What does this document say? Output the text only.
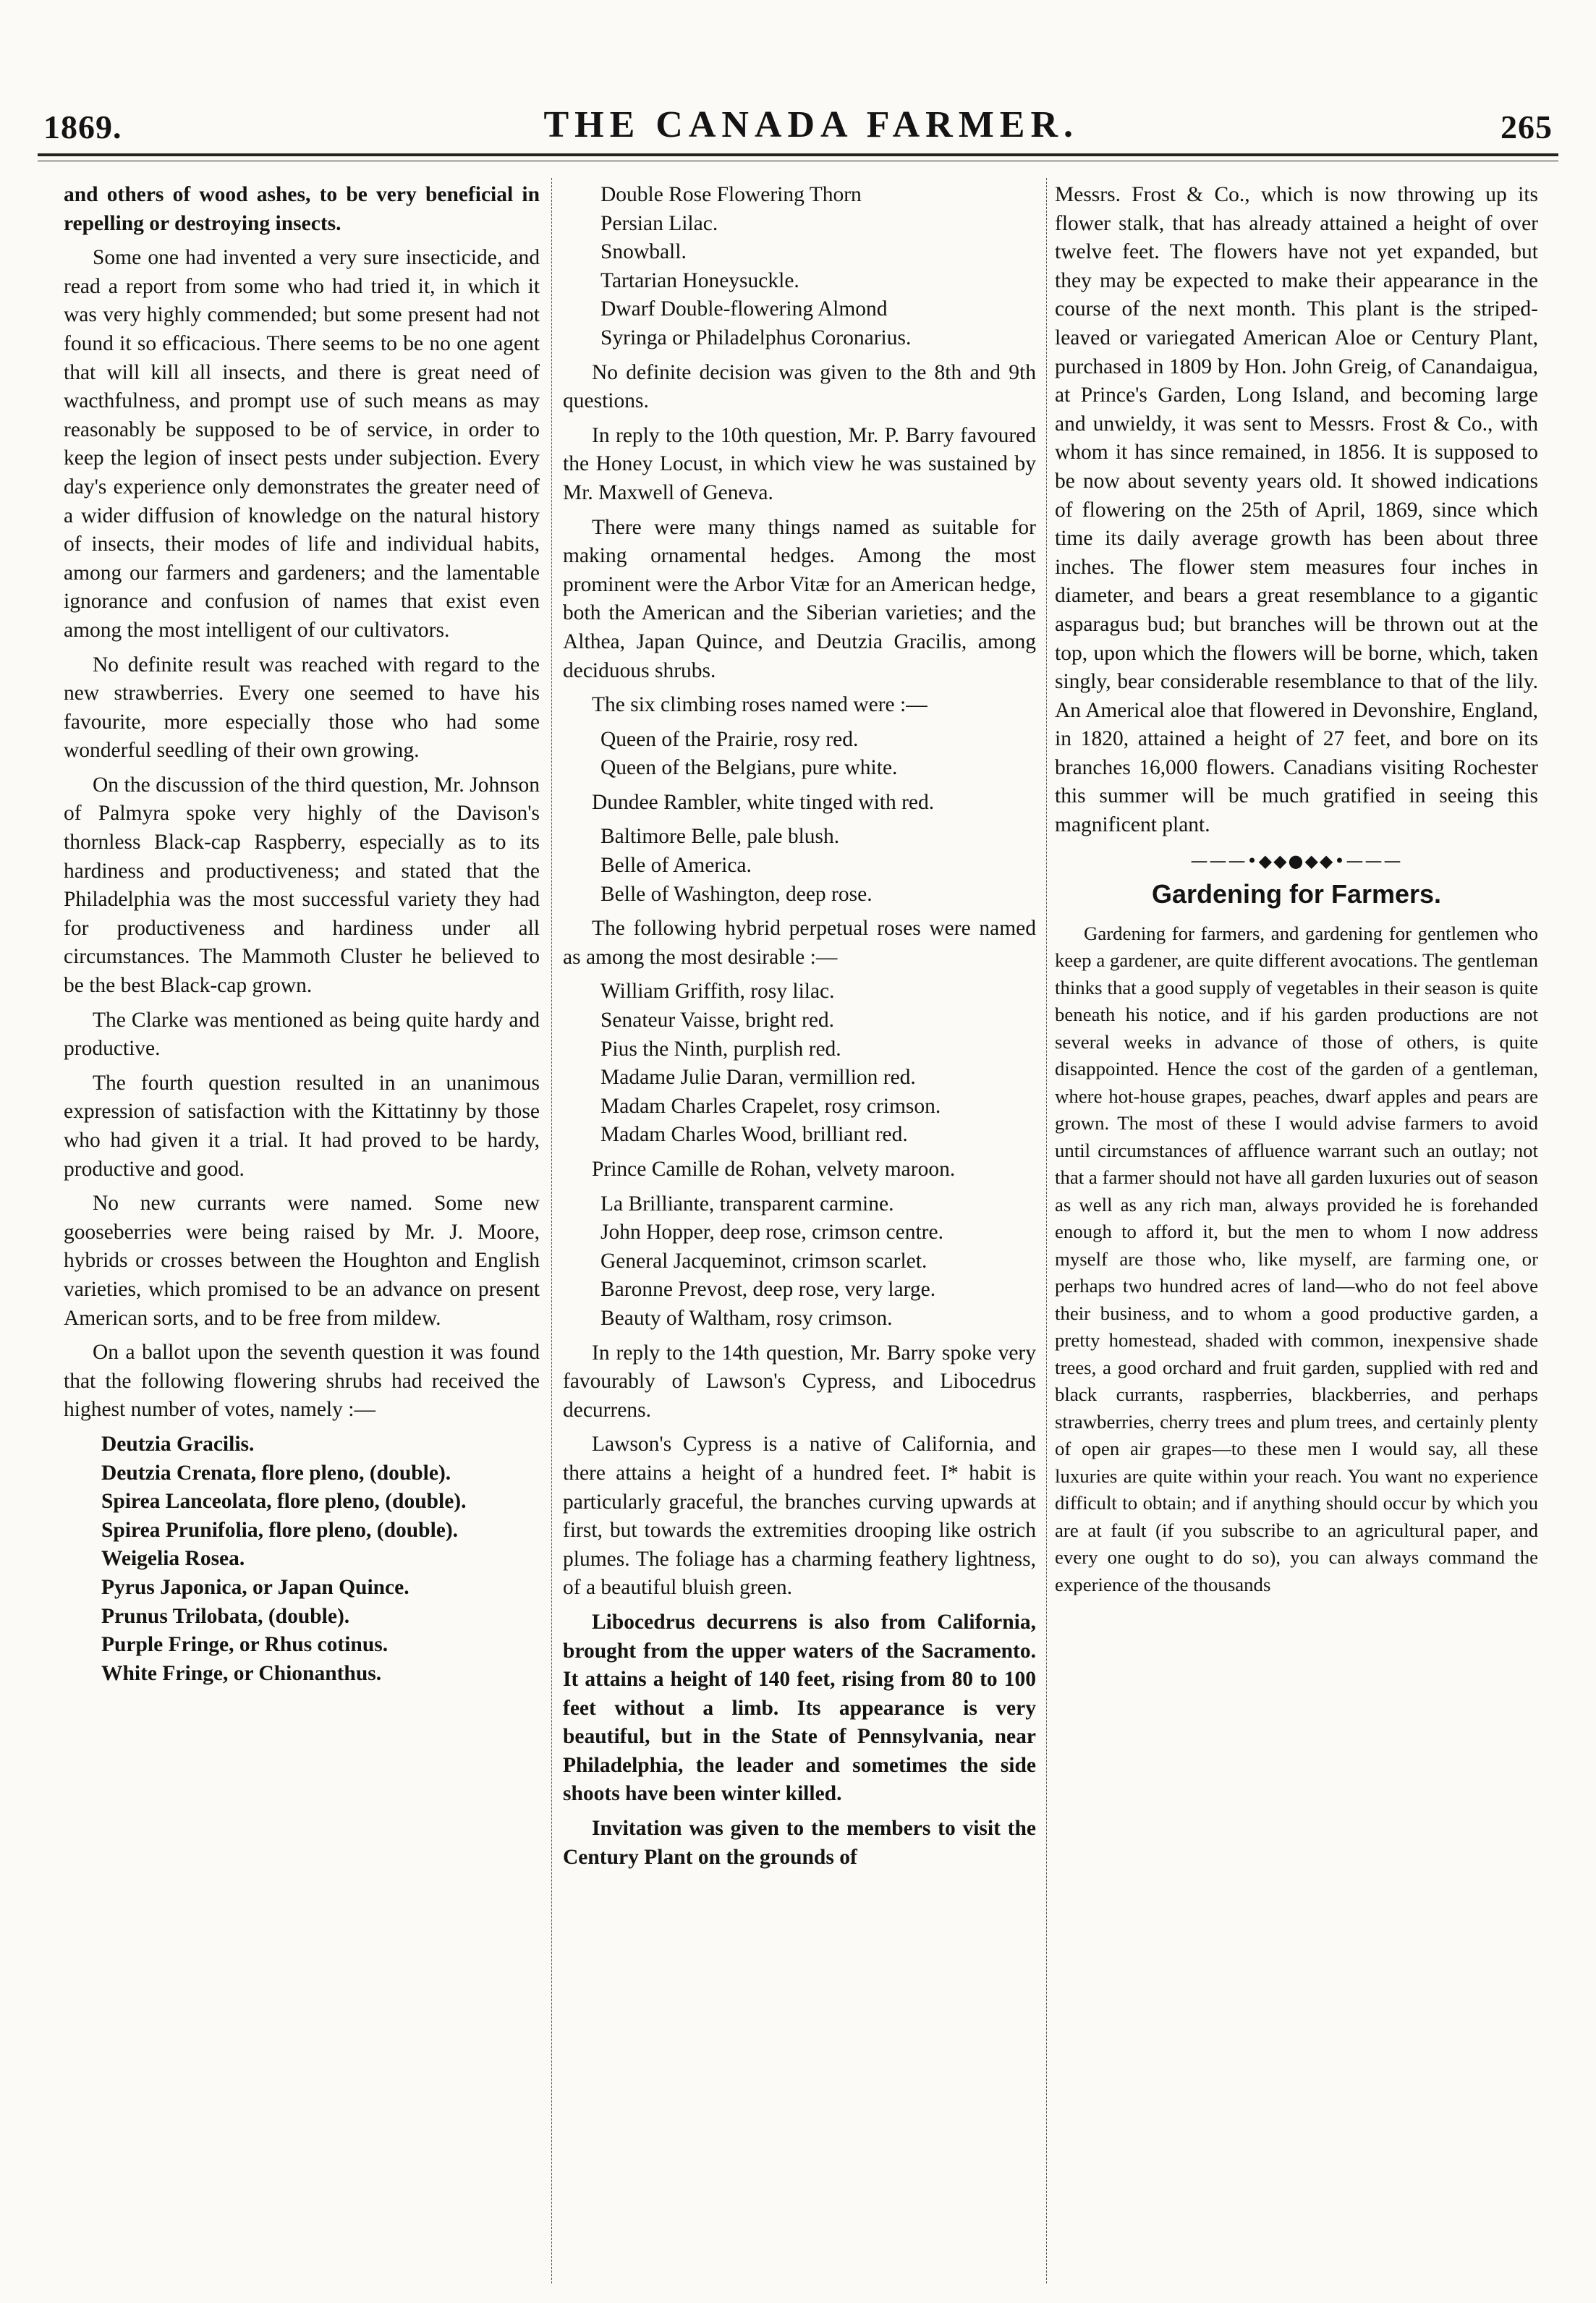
1869.	THE CANADA FARMER.	265

and others of wood ashes, to be very beneficial in repelling or destroying insects.

Some one had invented a very sure insecticide, and read a report from some who had tried it, in which it was very highly commended; but some present had not found it so efficacious. There seems to be no one agent that will kill all insects, and there is great need of wacthfulness, and prompt use of such means as may reasonably be supposed to be of service, in order to keep the legion of insect pests under subjection. Every day's experience only demonstrates the greater need of a wider diffusion of knowledge on the natural history of insects, their modes of life and individual habits, among our farmers and gardeners; and the lamentable ignorance and confusion of names that exist even among the most intelligent of our cultivators.

No definite result was reached with regard to the new strawberries. Every one seemed to have his favourite, more especially those who had some wonderful seedling of their own growing.

On the discussion of the third question, Mr. Johnson of Palmyra spoke very highly of the Davison's thornless Black-cap Raspberry, especially as to its hardiness and productiveness; and stated that the Philadelphia was the most successful variety they had for productiveness and hardiness under all circumstances. The Mammoth Cluster he believed to be the best Black-cap grown.

The Clarke was mentioned as being quite hardy and productive.

The fourth question resulted in an unanimous expression of satisfaction with the Kittatinny by those who had given it a trial. It had proved to be hardy, productive and good.

No new currants were named. Some new gooseberries were being raised by Mr. J. Moore, hybrids or crosses between the Houghton and English varieties, which promised to be an advance on present American sorts, and to be free from mildew.

On a ballot upon the seventh question it was found that the following flowering shrubs had received the highest number of votes, namely :—

Deutzia Gracilis.
Deutzia Crenata, flore pleno, (double).
Spirea Lanceolata, flore pleno, (double).
Spirea Prunifolia, flore pleno, (double).
Weigelia Rosea.
Pyrus Japonica, or Japan Quince.
Prunus Trilobata, (double).
Purple Fringe, or Rhus cotinus.
White Fringe, or Chionanthus.
Double Rose Flowering Thorn
Persian Lilac.
Snowball.
Tartarian Honeysuckle.
Dwarf Double-flowering Almond
Syringa or Philadelphus Coronarius.

No definite decision was given to the 8th and 9th questions.

In reply to the 10th question, Mr. P. Barry favoured the Honey Locust, in which view he was sustained by Mr. Maxwell of Geneva.

There were many things named as suitable for making ornamental hedges. Among the most prominent were the Arbor Vitæ for an American hedge, both the American and the Siberian varieties; and the Althea, Japan Quince, and Deutzia Gracilis, among deciduous shrubs.

The six climbing roses named were :—

Queen of the Prairie, rosy red.
Queen of the Belgians, pure white.

Dundee Rambler, white tinged with red.

Baltimore Belle, pale blush.
Belle of America.
Belle of Washington, deep rose.

The following hybrid perpetual roses were named as among the most desirable :—

William Griffith, rosy lilac.
Senateur Vaisse, bright red.
Pius the Ninth, purplish red.
Madame Julie Daran, vermillion red.
Madam Charles Crapelet, rosy crimson.
Madam Charles Wood, brilliant red.

Prince Camille de Rohan, velvety maroon.

La Brilliante, transparent carmine.
John Hopper, deep rose, crimson centre.
General Jacqueminot, crimson scarlet.
Baronne Prevost, deep rose, very large.
Beauty of Waltham, rosy crimson.

In reply to the 14th question, Mr. Barry spoke very favourably of Lawson's Cypress, and Libocedrus decurrens.

Lawson's Cypress is a native of California, and there attains a height of a hundred feet. I* habit is particularly graceful, the branches curving upwards at first, but towards the extremities drooping like ostrich plumes. The foliage has a charming feathery lightness, of a beautiful bluish green.

Libocedrus decurrens is also from California, brought from the upper waters of the Sacramento. It attains a height of 140 feet, rising from 80 to 100 feet without a limb. Its appearance is very beautiful, but in the State of Pennsylvania, near Philadelphia, the leader and sometimes the side shoots have been winter killed.

Invitation was given to the members to visit the Century Plant on the grounds of

Messrs. Frost & Co., which is now throwing up its flower stalk, that has already attained a height of over twelve feet. The flowers have not yet expanded, but they may be expected to make their appearance in the course of the next month. This plant is the striped-leaved or variegated American Aloe or Century Plant, purchased in 1809 by Hon. John Greig, of Canandaigua, at Prince's Garden, Long Island, and becoming large and unwieldy, it was sent to Messrs. Frost & Co., with whom it has since remained, in 1856. It is supposed to be now about seventy years old. It showed indications of flowering on the 25th of April, 1869, since which time its daily average growth has been about three inches. The flower stem measures four inches in diameter, and bears a great resemblance to a gigantic asparagus bud; but branches will be thrown out at the top, upon which the flowers will be borne, which, taken singly, bear considerable resemblance to that of the lily. An Americal aloe that flowered in Devonshire, England, in 1820, attained a height of 27 feet, and bore on its branches 16,000 flowers. Canadians visiting Rochester this summer will be much gratified in seeing this magnificent plant.

———•◆◆●◆◆•———
Gardening for Farmers.

Gardening for farmers, and gardening for gentlemen who keep a gardener, are quite different avocations. The gentleman thinks that a good supply of vegetables in their season is quite beneath his notice, and if his garden productions are not several weeks in advance of those of others, is quite disappointed. Hence the cost of the garden of a gentleman, where hot-house grapes, peaches, dwarf apples and pears are grown. The most of these I would advise farmers to avoid until circumstances of affluence warrant such an outlay; not that a farmer should not have all garden luxuries out of season as well as any rich man, always provided he is forehanded enough to afford it, but the men to whom I now address myself are those who, like myself, are farming one, or perhaps two hundred acres of land—who do not feel above their business, and to whom a good productive garden, a pretty homestead, shaded with common, inexpensive shade trees, a good orchard and fruit garden, supplied with red and black currants, raspberries, blackberries, and perhaps strawberries, cherry trees and plum trees, and certainly plenty of open air grapes—to these men I would say, all these luxuries are quite within your reach. You want no experience difficult to obtain; and if anything should occur by which you are at fault (if you subscribe to an agricultural paper, and every one ought to do so), you can always command the experience of the thousands
